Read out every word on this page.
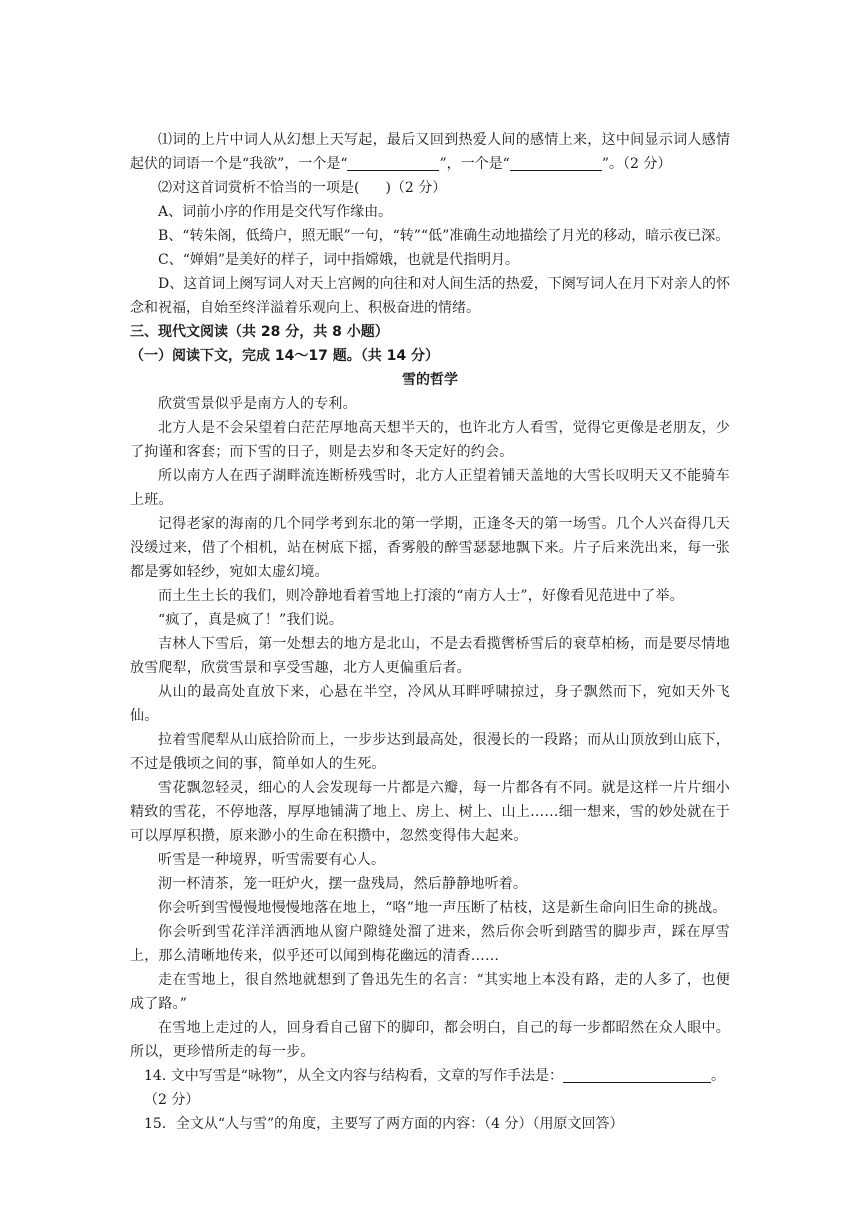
⑴词的上片中词人从幻想上天写起，最后又回到热爱人间的感情上来，这中间显示词人感情起伏的词语一个是“我欲”，一个是“	”，一个是“	”。（2 分）
⑵对这首词赏析不恰当的一项是( )（2 分）
A、词前小序的作用是交代写作缘由。
B、“转朱阁，低绮户，照无眠”一句，“转”“低”准确生动地描绘了月光的移动，暗示夜已深。
C、“婵娟”是美好的样子，词中指嫦娥，也就是代指明月。
D、这首词上阕写词人对天上宫阙的向往和对人间生活的热爱，下阕写词人在月下对亲人的怀念和祝福，自始至终洋溢着乐观向上、积极奋进的情绪。
三、现代文阅读（共 28 分，共 8 小题）
（一）阅读下文，完成 14～17 题。（共 14 分）
雪的哲学
欣赏雪景似乎是南方人的专利。
北方人是不会呆望着白茫茫厚地高天想半天的，也许北方人看雪，觉得它更像是老朋友，少了拘谨和客套；而下雪的日子，则是去岁和冬天定好的约会。
所以南方人在西子湖畔流连断桥残雪时，北方人正望着铺天盖地的大雪长叹明天又不能骑车上班。
记得老家的海南的几个同学考到东北的第一学期，正逢冬天的第一场雪。几个人兴奋得几天没缓过来，借了个相机，站在树底下摇，香雾般的醉雪瑟瑟地飘下来。片子后来洗出来，每一张都是雾如轻纱，宛如太虚幻境。
而土生土长的我们，则冷静地看着雪地上打滚的“南方人士”，好像看见范进中了举。
“疯了，真是疯了！”我们说。
吉林人下雪后，第一处想去的地方是北山，不是去看揽辔桥雪后的衰草柏杨，而是要尽情地放雪爬犁，欣赏雪景和享受雪趣，北方人更偏重后者。
从山的最高处直放下来，心悬在半空，冷风从耳畔呼啸掠过，身子飘然而下，宛如天外飞仙。
拉着雪爬犁从山底拾阶而上，一步步达到最高处，很漫长的一段路；而从山顶放到山底下，不过是俄顷之间的事，简单如人的生死。
雪花飘忽轻灵，细心的人会发现每一片都是六瓣，每一片都各有不同。就是这样一片片细小精致的雪花，不停地落，厚厚地铺满了地上、房上、树上、山上……细一想来，雪的妙处就在于可以厚厚积攒，原来渺小的生命在积攒中，忽然变得伟大起来。
听雪是一种境界，听雪需要有心人。
沏一杯清茶，笼一旺炉火，摆一盘残局，然后静静地听着。
你会听到雪慢慢地慢慢地落在地上，“咯”地一声压断了枯枝，这是新生命向旧生命的挑战。
你会听到雪花洋洋洒洒地从窗户隙缝处溜了进来，然后你会听到踏雪的脚步声，踩在厚雪上，那么清晰地传来，似乎还可以闻到梅花幽远的清香……
走在雪地上，很自然地就想到了鲁迅先生的名言：“其实地上本没有路，走的人多了，也便成了路。”
在雪地上走过的人，回身看自己留下的脚印，都会明白，自己的每一步都昭然在众人眼中。所以，更珍惜所走的每一步。
14. 文中写雪是“咏物”，从全文内容与结构看，文章的写作手法是：	。
（2 分）
15．全文从“人与雪”的角度，主要写了两方面的内容：（4 分）（用原文回答）
